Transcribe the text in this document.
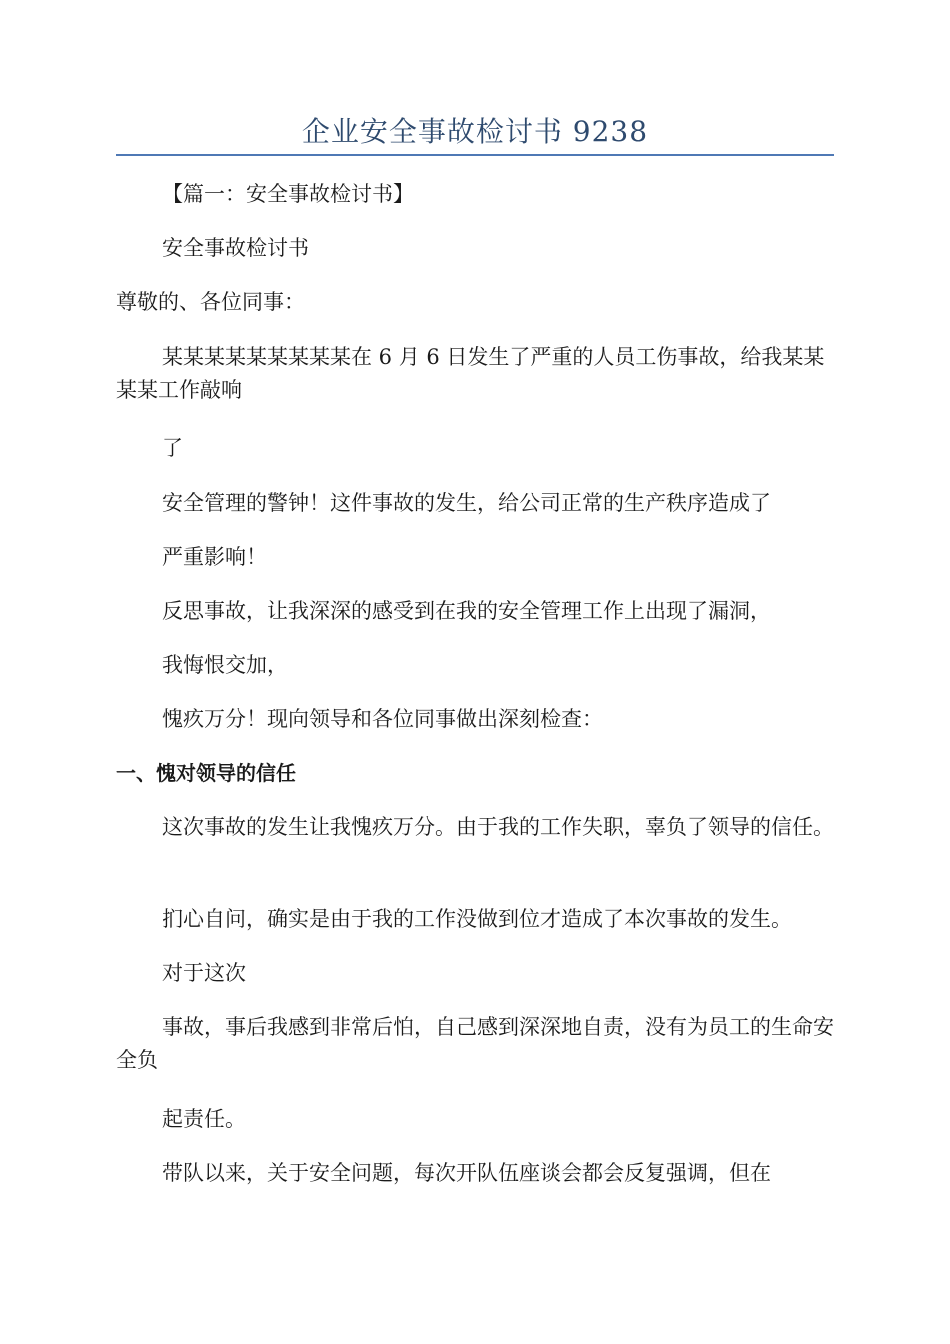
企业安全事故检讨书 9238

【篇一：安全事故检讨书】

安全事故检讨书

尊敬的、各位同事：

某某某某某某某某某在 6 月 6 日发生了严重的人员工伤事故，给我某某某某工作敲响

了

安全管理的警钟！这件事故的发生，给公司正常的生产秩序造成了

严重影响！

反思事故，让我深深的感受到在我的安全管理工作上出现了漏洞，

我悔恨交加，

愧疚万分！现向领导和各位同事做出深刻检查：

一、愧对领导的信任

这次事故的发生让我愧疚万分。由于我的工作失职，辜负了领导的信任。

扪心自问，确实是由于我的工作没做到位才造成了本次事故的发生。

对于这次

事故，事后我感到非常后怕，自己感到深深地自责，没有为员工的生命安全负

起责任。

带队以来，关于安全问题，每次开队伍座谈会都会反复强调，但在
